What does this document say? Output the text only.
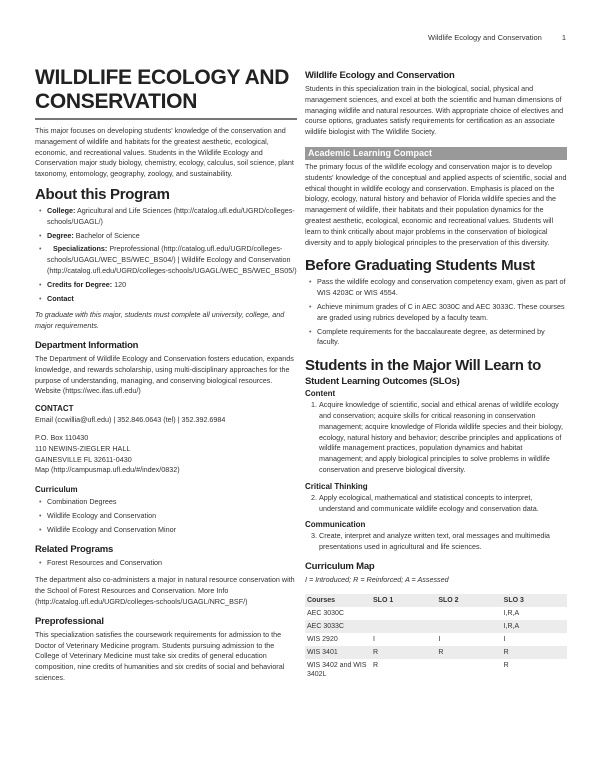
Wildlife Ecology and Conservation	1
WILDLIFE ECOLOGY AND CONSERVATION

This major focuses on developing students' knowledge of the conservation and management of wildlife and habitats for the greatest aesthetic, ecological, economic, and recreational values. Students in the Wildlife Ecology and Conservation major study biology, chemistry, ecology, calculus, soil science, plant taxonomy, entomology, geography, zoology, and sustainability.

About this Program
• College: Agricultural and Life Sciences (http://catalog.ufl.edu/UGRD/colleges-schools/UGAGL/)
• Degree: Bachelor of Science
• Specializations: Preprofessional (http://catalog.ufl.edu/UGRD/colleges-schools/UGAGL/WEC_BS/WEC_BS04/) | Wildlife Ecology and Conservation (http://catalog.ufl.edu/UGRD/colleges-schools/UGAGL/WEC_BS/WEC_BS05/)
• Credits for Degree: 120
• Contact

To graduate with this major, students must complete all university, college, and major requirements.

Department Information

The Department of Wildlife Ecology and Conservation fosters education, expands knowledge, and rewards scholarship, using multi-disciplinary approaches for the purpose of understanding, managing, and conserving biological resources.

Website (https://wec.ifas.ufl.edu/)

CONTACT

Email (ccwillia@ufl.edu) | 352.846.0643 (tel) | 352.392.6984

P.O. Box 110430

110 NEWINS-ZIEGLER HALL

GAINESVILLE FL 32611-0430

Map (http://campusmap.ufl.edu/#/index/0832)

Curriculum
• Combination Degrees
• Wildlife Ecology and Conservation
• Wildlife Ecology and Conservation Minor
Related Programs
• Forest Resources and Conservation

The department also co-administers a major in natural resource conservation with the School of Forest Resources and Conservation. More Info (http://catalog.ufl.edu/UGRD/colleges-schools/UGAGL/NRC_BSF/)

Preprofessional

This specialization satisfies the coursework requirements for admission to the Doctor of Veterinary Medicine program. Students pursuing admission to the College of Veterinary Medicine must take six credits of general education composition, nine credits of humanities and six credits of social and behavioral sciences.

Wildlife Ecology and Conservation

Students in this specialization train in the biological, social, physical and management sciences, and excel at both the scientific and human dimensions of managing wildlife and natural resources. With appropriate choice of electives and course options, graduates satisfy requirements for certification as an associate wildlife biologist with The Wildlife Society.

Academic Learning Compact

The primary focus of the wildlife ecology and conservation major is to develop students' knowledge of the conceptual and applied aspects of scientific, social and ethical thought in wildlife ecology and conservation. Emphasis is placed on the biology, ecology, natural history and behavior of Florida wildlife species and the management of wildlife, their habitats and their population dynamics for the greatest aesthetic, ecological, economic and recreational values. Students will learn to think critically about major problems in the conservation of biological diversity and to apply biological principles to the preservation of this diversity.

Before Graduating Students Must
• Pass the wildlife ecology and conservation competency exam, given as part of WIS 4203C or WIS 4554.
• Achieve minimum grades of C in AEC 3030C and AEC 3033C. These courses are graded using rubrics developed by a faculty team.
• Complete requirements for the baccalaureate degree, as determined by faculty.
Students in the Major Will Learn to
Student Learning Outcomes (SLOs)
Content
1. Acquire knowledge of scientific, social and ethical arenas of wildlife ecology and conservation; acquire skills for critical reasoning in conservation management; acquire knowledge of Florida wildlife species and their biology, ecology, natural history and behavior; describe principles and applications of wildlife management practices, population dynamics and habitat management; and apply biological principles to solve problems in wildlife conservation and preserve biological diversity.
Critical Thinking
2. Apply ecological, mathematical and statistical concepts to interpret, understand and communicate wildlife ecology and conservation data.
Communication
3. Create, interpret and analyze written text, oral messages and multimedia presentations used in agricultural and life sciences.
Curriculum Map

I = Introduced; R = Reinforced; A = Assessed

Courses	SLO 1	SLO 2	SLO 3
AEC 3030C			I,R,A
AEC 3033C			I,R,A
WIS 2920	I	I	I
WIS 3401	R	R	R
WIS 3402 and WIS 3402L	R		R
